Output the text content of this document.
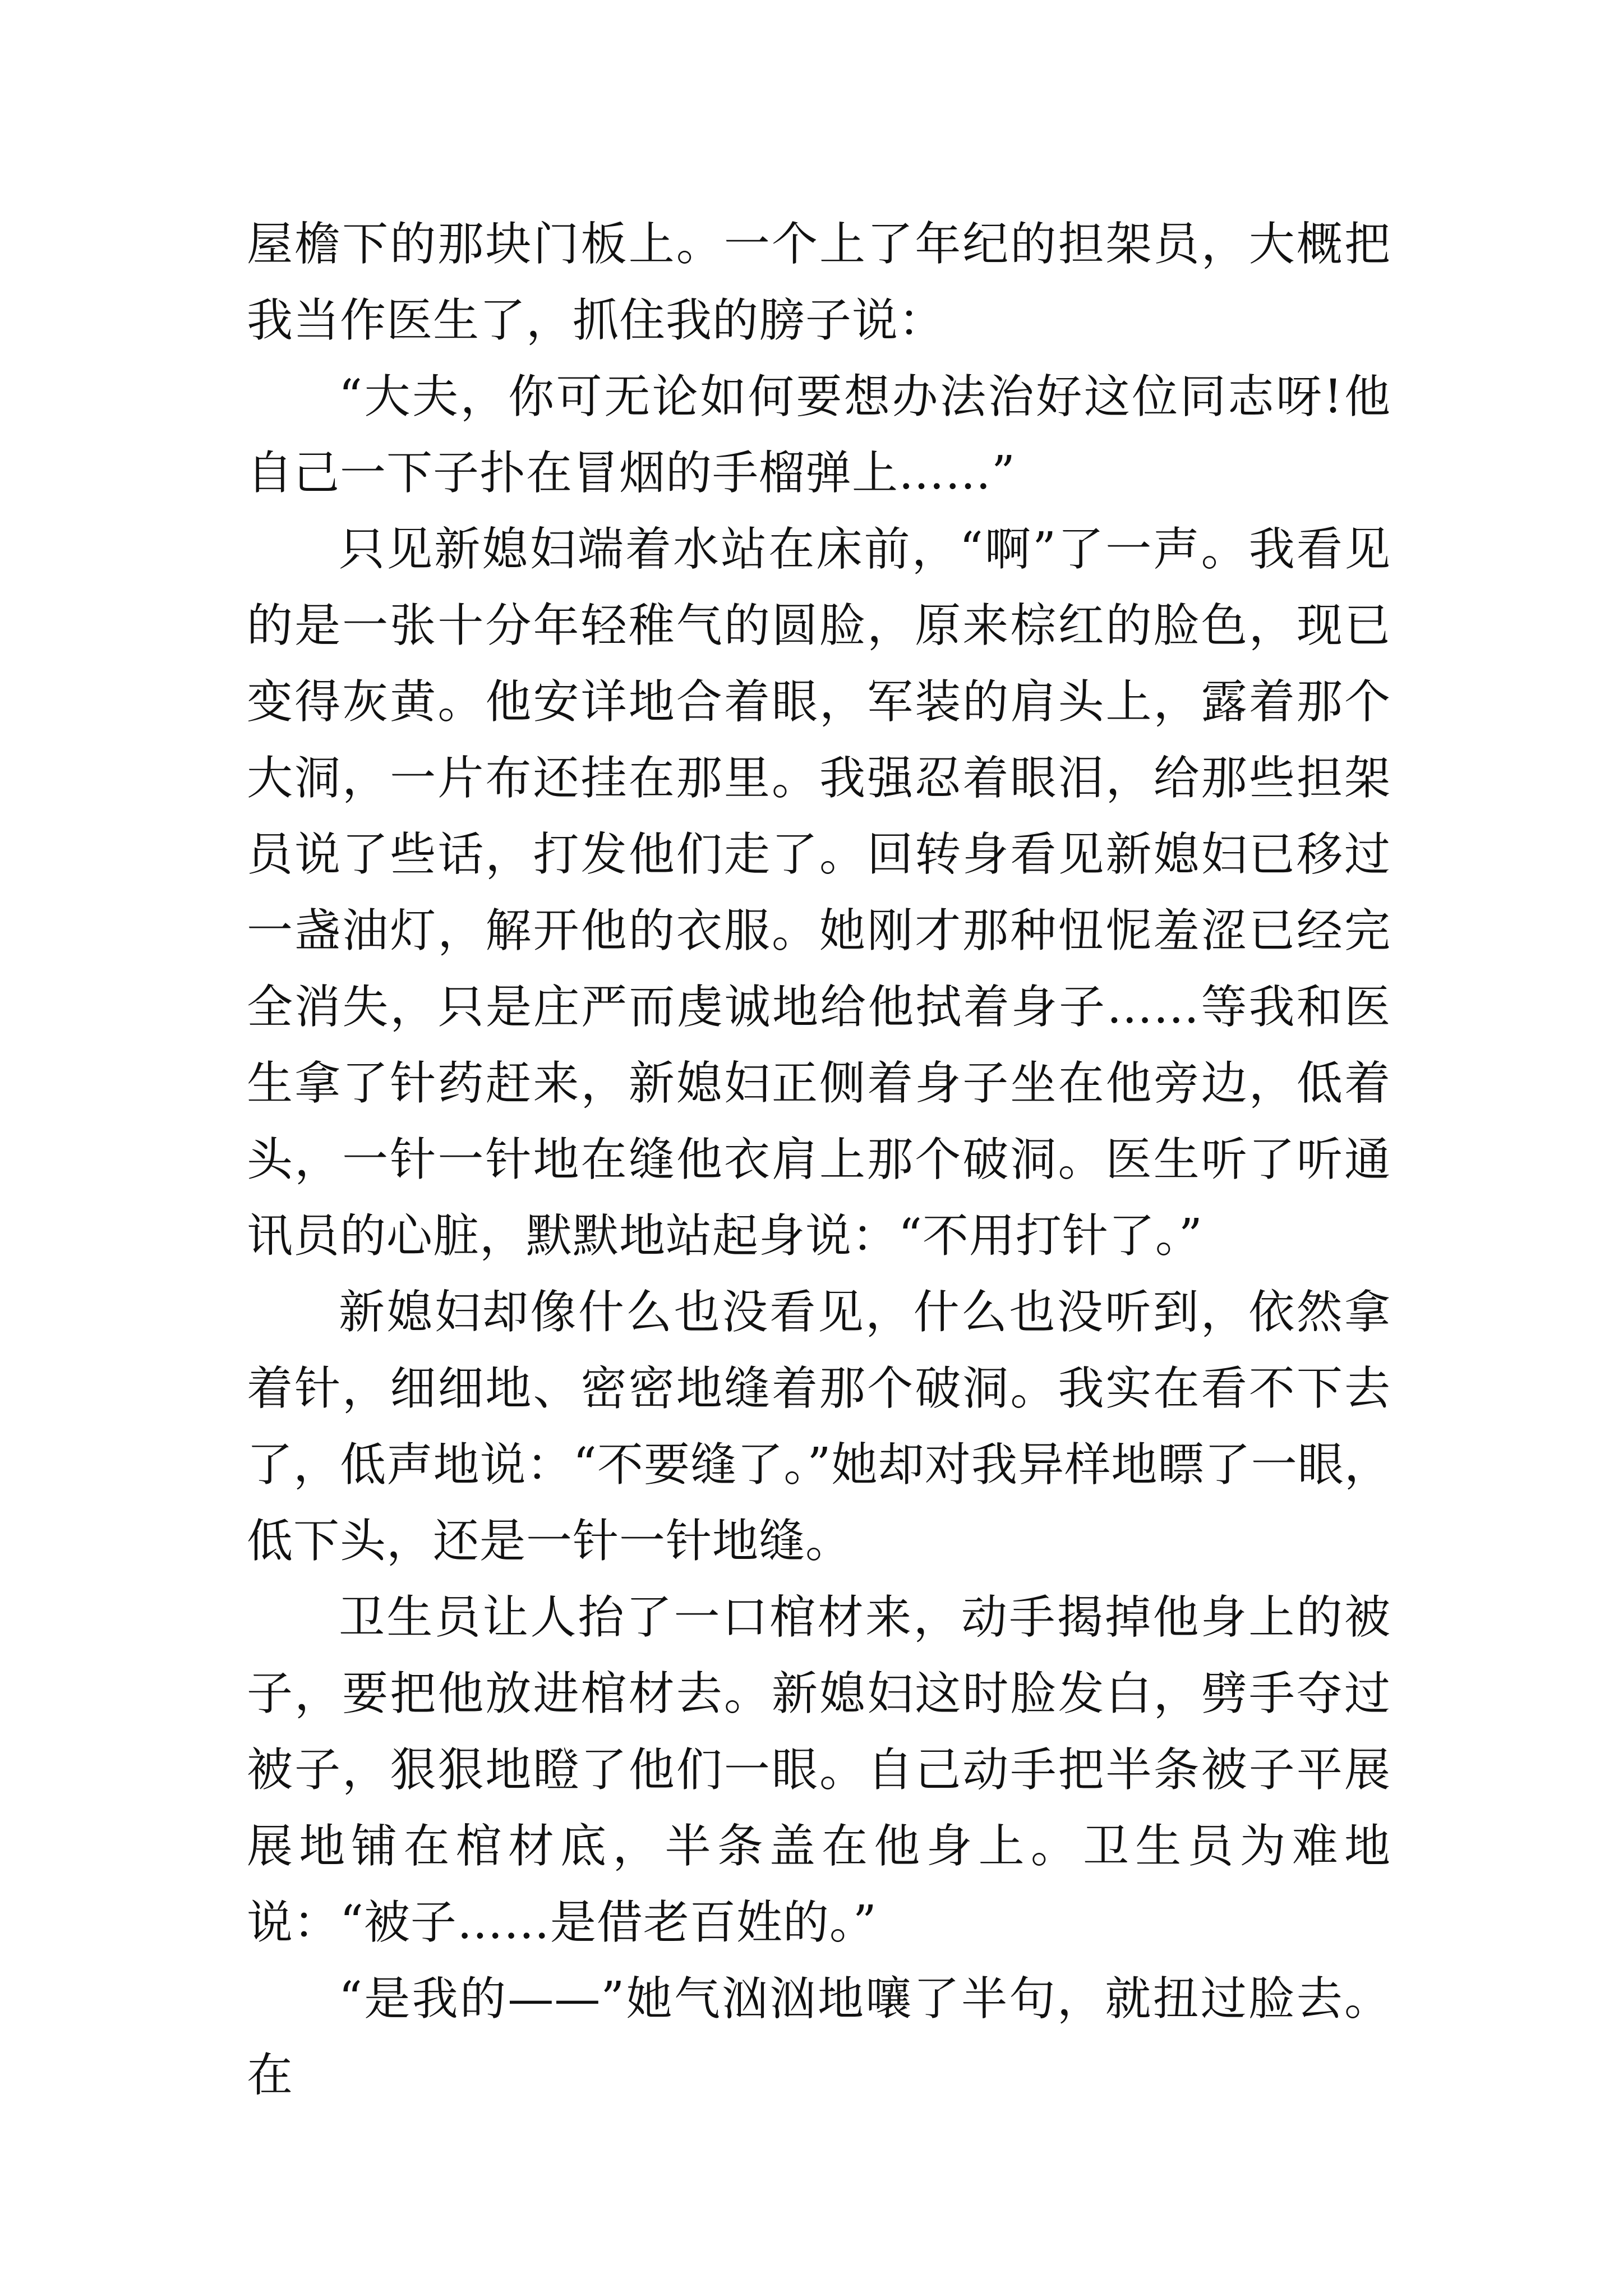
屋檐下的那块门板上。一个上了年纪的担架员，大概把我当作医生了，抓住我的膀子说：

“大夫，你可无论如何要想办法治好这位同志呀!他自己一下子扑在冒烟的手榴弹上……”

只见新媳妇端着水站在床前，“啊”了一声。我看见的是一张十分年轻稚气的圆脸，原来棕红的脸色，现已变得灰黄。他安详地合着眼，军装的肩头上，露着那个大洞，一片布还挂在那里。我强忍着眼泪，给那些担架员说了些话，打发他们走了。回转身看见新媳妇已移过一盏油灯，解开他的衣服。她刚才那种忸怩羞涩已经完全消失，只是庄严而虔诚地给他拭着身子……等我和医生拿了针药赶来，新媳妇正侧着身子坐在他旁边，低着头，一针一针地在缝他衣肩上那个破洞。医生听了听通讯员的心脏，默默地站起身说：“不用打针了。”

新媳妇却像什么也没看见，什么也没听到，依然拿着针，细细地、密密地缝着那个破洞。我实在看不下去了，低声地说：“不要缝了。”她却对我异样地瞟了一眼，低下头，还是一针一针地缝。

卫生员让人抬了一口棺材来，动手揭掉他身上的被子，要把他放进棺材去。新媳妇这时脸发白，劈手夺过被子，狠狠地瞪了他们一眼。自己动手把半条被子平展展地铺在棺材底，半条盖在他身上。卫生员为难地说：“被子……是借老百姓的。”

“是我的——”她气汹汹地嚷了半句，就扭过脸去。在
